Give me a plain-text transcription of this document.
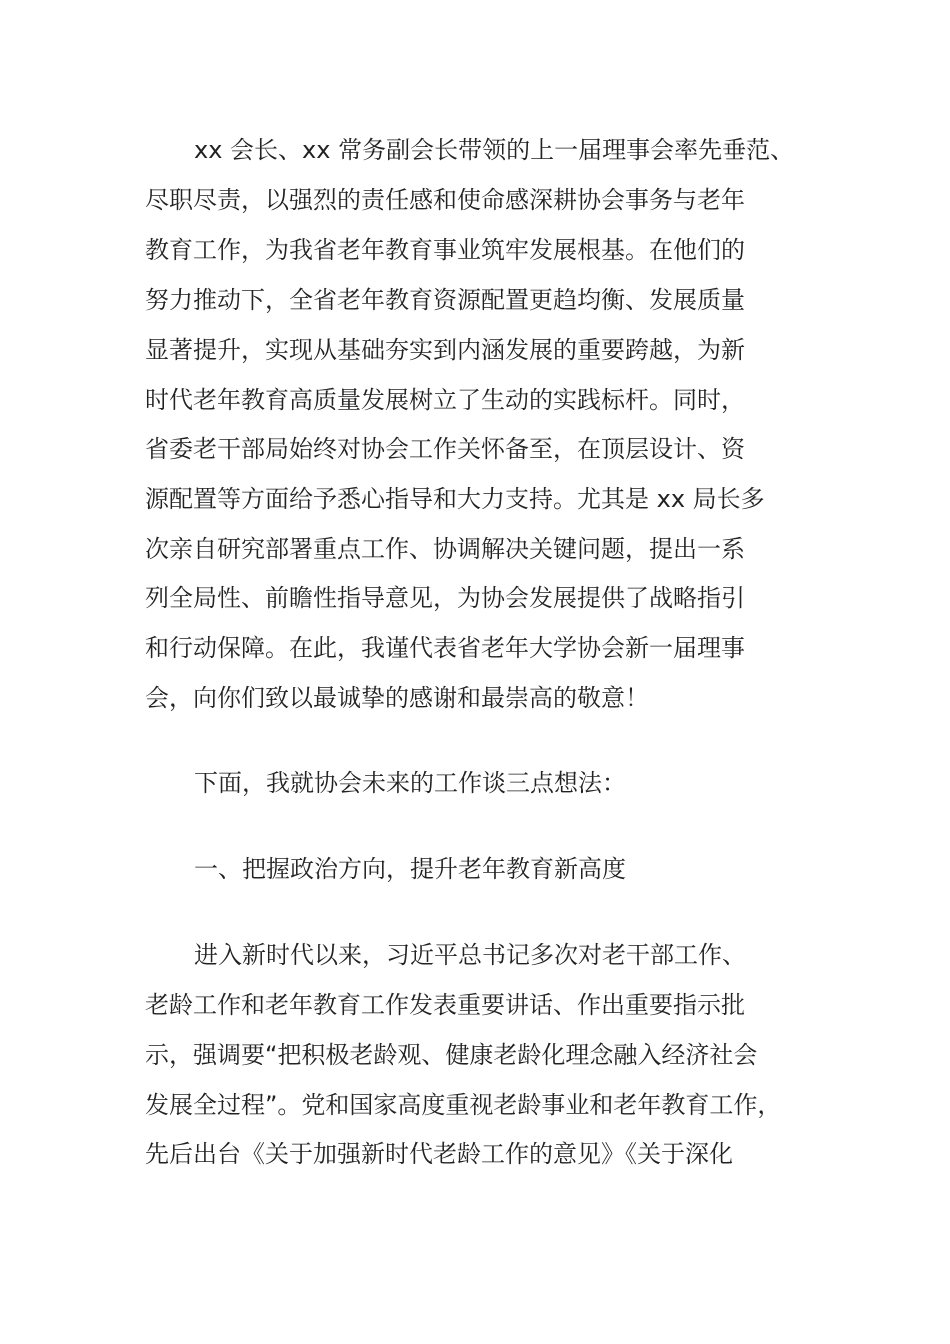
xx 会长、xx 常务副会长带领的上一届理事会率先垂范、

尽职尽责，以强烈的责任感和使命感深耕协会事务与老年

教育工作，为我省老年教育事业筑牢发展根基。在他们的

努力推动下，全省老年教育资源配置更趋均衡、发展质量

显著提升，实现从基础夯实到内涵发展的重要跨越，为新

时代老年教育高质量发展树立了生动的实践标杆。同时，

省委老干部局始终对协会工作关怀备至，在顶层设计、资

源配置等方面给予悉心指导和大力支持。尤其是 xx 局长多

次亲自研究部署重点工作、协调解决关键问题，提出一系

列全局性、前瞻性指导意见，为协会发展提供了战略指引

和行动保障。在此，我谨代表省老年大学协会新一届理事

会，向你们致以最诚挚的感谢和最崇高的敬意！

下面，我就协会未来的工作谈三点想法：

一、把握政治方向，提升老年教育新高度

进入新时代以来，习近平总书记多次对老干部工作、

老龄工作和老年教育工作发表重要讲话、作出重要指示批

示，强调要“把积极老龄观、健康老龄化理念融入经济社会

发展全过程”。党和国家高度重视老龄事业和老年教育工作，

先后出台《关于加强新时代老龄工作的意见》《关于深化
